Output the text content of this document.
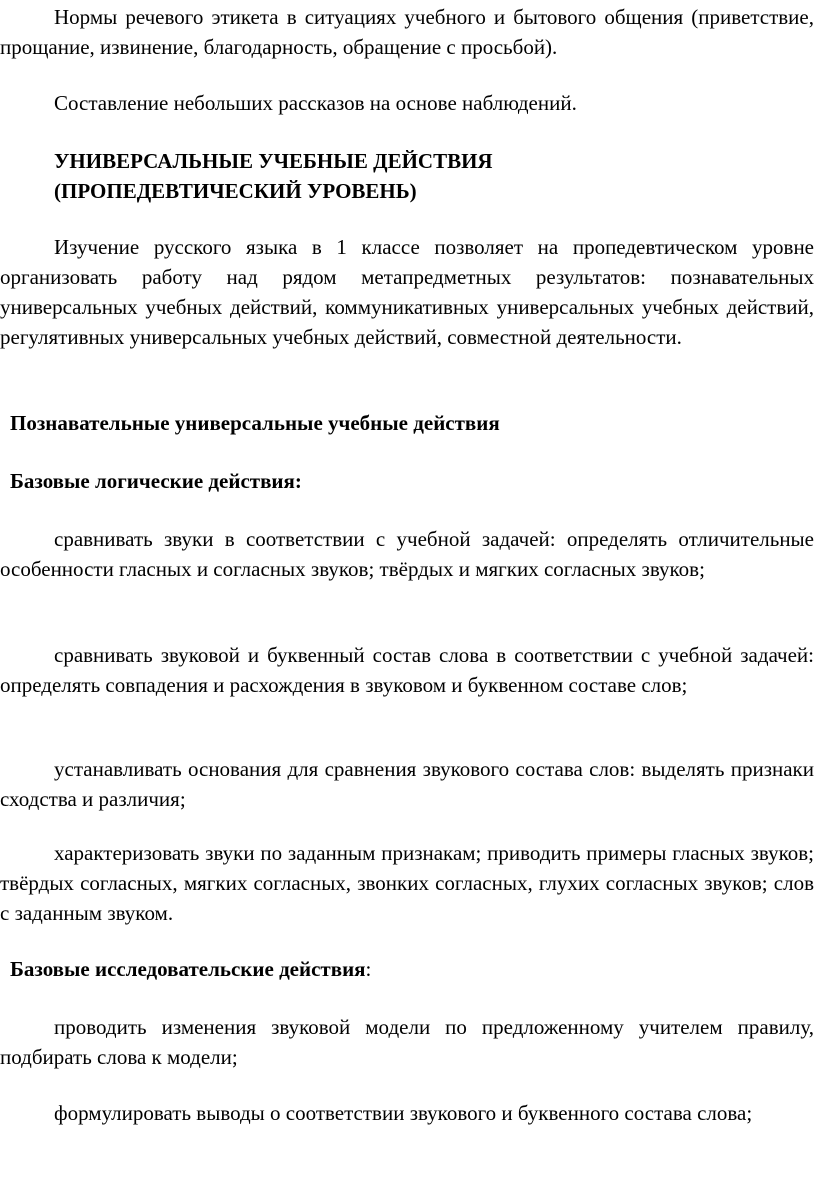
Нормы речевого этикета в ситуациях учебного и бытового общения (приветствие, прощание, извинение, благодарность, обращение с просьбой).

Составление небольших рассказов на основе наблюдений.

УНИВЕРСАЛЬНЫЕ УЧЕБНЫЕ ДЕЙСТВИЯ
(ПРОПЕДЕВТИЧЕСКИЙ УРОВЕНЬ)

Изучение русского языка в 1 классе позволяет на пропедевтическом уровне организовать работу над рядом метапредметных результатов: познавательных универсальных учебных действий, коммуникативных универсальных учебных действий, регулятивных универсальных учебных действий, совместной деятельности.

Познавательные универсальные учебные действия

Базовые логические действия:

сравнивать звуки в соответствии с учебной задачей: определять отличительные особенности гласных и согласных звуков; твёрдых и мягких согласных звуков;

сравнивать звуковой и буквенный состав слова в соответствии с учебной задачей: определять совпадения и расхождения в звуковом и буквенном составе слов;

устанавливать основания для сравнения звукового состава слов: выделять признаки сходства и различия;

характеризовать звуки по заданным признакам; приводить примеры гласных звуков; твёрдых согласных, мягких согласных, звонких согласных, глухих согласных звуков; слов с заданным звуком.

Базовые исследовательские действия:

проводить изменения звуковой модели по предложенному учителем правилу, подбирать слова к модели;

формулировать выводы о соответствии звукового и буквенного состава слова;
